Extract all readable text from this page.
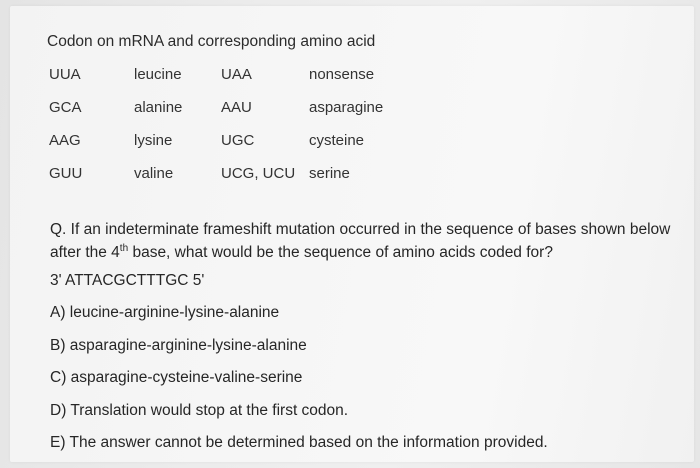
Codon on mRNA and corresponding amino acid
UUA	leucine	UAA	nonsense
GCA	alanine	AAU	asparagine
AAG	lysine	UGC	cysteine
GUU	valine	UCG, UCU serine
Q. If an indeterminate frameshift mutation occurred in the sequence of bases shown below after the 4th base, what would be the sequence of amino acids coded for?
3' ATTACGCTTTGC 5'
A) leucine-arginine-lysine-alanine
B) asparagine-arginine-lysine-alanine
C) asparagine-cysteine-valine-serine
D) Translation would stop at the first codon.
E) The answer cannot be determined based on the information provided.
